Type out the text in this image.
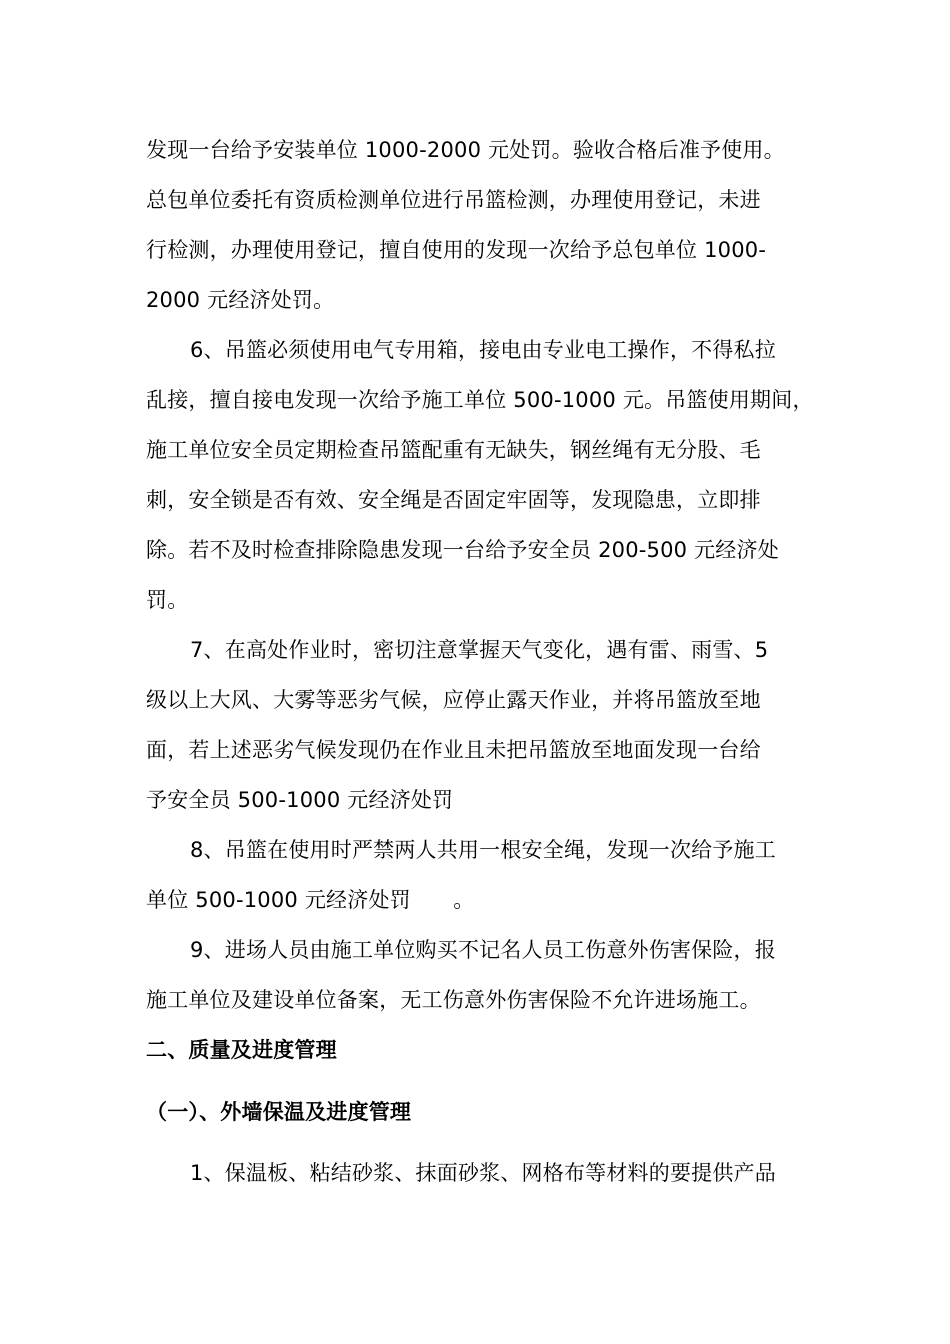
发现一台给予安装单位 1000-2000 元处罚。验收合格后准予使用。
总包单位委托有资质检测单位进行吊篮检测，办理使用登记，未进
行检测，办理使用登记，擅自使用的发现一次给予总包单位 1000-
2000 元经济处罚。
6、吊篮必须使用电气专用箱，接电由专业电工操作，不得私拉
乱接，擅自接电发现一次给予施工单位 500-1000 元。吊篮使用期间，
施工单位安全员定期检查吊篮配重有无缺失，钢丝绳有无分股、毛
刺，安全锁是否有效、安全绳是否固定牢固等，发现隐患，立即排
除。若不及时检查排除隐患发现一台给予安全员 200-500 元经济处
罚。
7、在高处作业时，密切注意掌握天气变化，遇有雷、雨雪、5
级以上大风、大雾等恶劣气候，应停止露天作业，并将吊篮放至地
面，若上述恶劣气候发现仍在作业且未把吊篮放至地面发现一台给
予安全员 500-1000 元经济处罚
8、吊篮在使用时严禁两人共用一根安全绳，发现一次给予施工
单位 500-1000 元经济处罚　　。
9、进场人员由施工单位购买不记名人员工伤意外伤害保险，报
施工单位及建设单位备案，无工伤意外伤害保险不允许进场施工。
二、质量及进度管理
（一）、外墙保温及进度管理
1、保温板、粘结砂浆、抹面砂浆、网格布等材料的要提供产品
